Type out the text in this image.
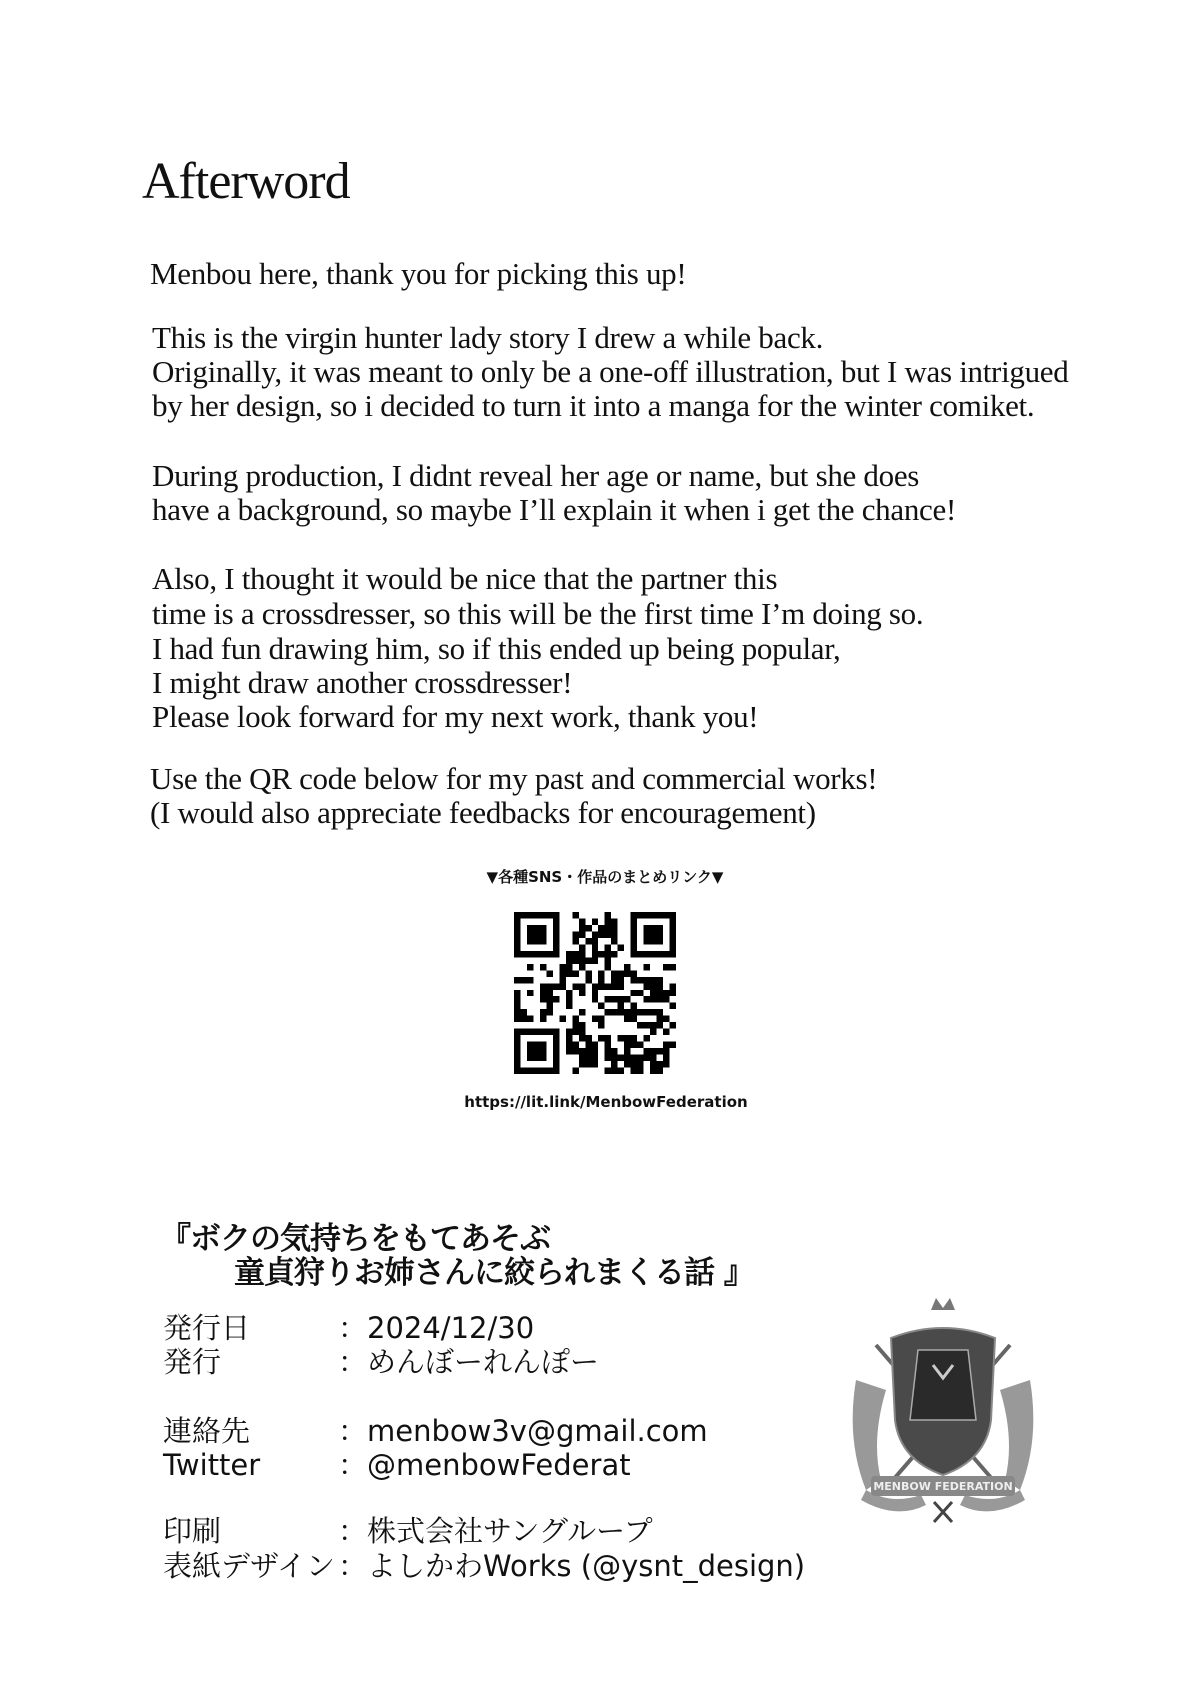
Afterword
Menbou here, thank you for picking this up!
This is the virgin hunter lady story I drew a while back.
Originally, it was meant to only be a one-off illustration, but I was intrigued
by her design, so i decided to turn it into a manga for the winter comiket.
During production, I didnt reveal her age or name, but she does
have a background, so maybe I’ll explain it when i get the chance!
Also, I thought it would be nice that the partner this
time is a crossdresser, so this will be the first time I’m doing so.
I had fun drawing him, so if this ended up being popular,
I might draw another crossdresser!
Please look forward for my next work, thank you!
Use the QR code below for my past and commercial works!
(I would also appreciate feedbacks for encouragement)
▼各種SNS・作品のまとめリンク▼
https://lit.link/MenbowFederation
『ボクの気持ちをもてあそぶ
童貞狩りお姉さんに絞られまくる話 』
発行日	：2024/12/30
発行	：めんぼーれんぽー
連絡先	：menbow3v@gmail.com
Twitter	：@menbowFederat
印刷	：株式会社サングループ
表紙デザイン ：よしかわWorks (@ysnt_design)
MENBOW FEDERATION
